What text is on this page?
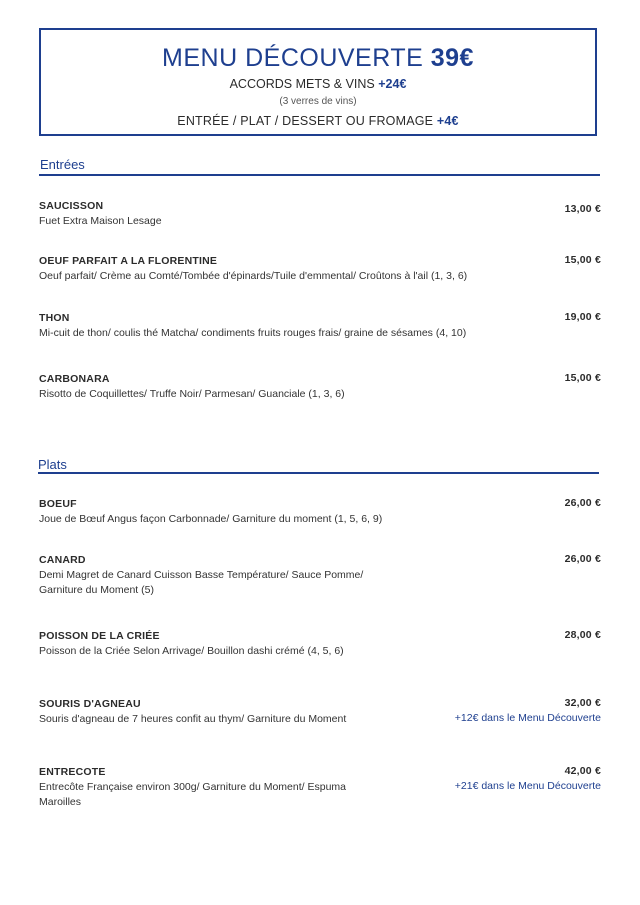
MENU DÉCOUVERTE 39€
ACCORDS METS & VINS +24€
(3 verres de vins)
ENTRÉE / PLAT / DESSERT OU FROMAGE +4€
Entrées
SAUCISSON
Fuet Extra Maison Lesage
13,00 €
OEUF PARFAIT A LA FLORENTINE
Oeuf parfait/ Crème au Comté/Tombée d'épinards/Tuile d'emmental/ Croûtons à l'ail (1, 3, 6)
15,00 €
THON
Mi-cuit de thon/ coulis thé Matcha/ condiments fruits rouges frais/ graine de sésames (4, 10)
19,00 €
CARBONARA
Risotto de Coquillettes/ Truffe Noir/ Parmesan/ Guanciale (1, 3, 6)
15,00 €
Plats
BOEUF
Joue de Bœuf Angus façon Carbonnade/ Garniture du moment (1, 5, 6, 9)
26,00 €
CANARD
Demi Magret de Canard Cuisson Basse Température/ Sauce Pomme/
Garniture du Moment (5)
26,00 €
POISSON DE LA CRIÉE
Poisson de la Criée Selon Arrivage/ Bouillon dashi crémé (4, 5, 6)
28,00 €
SOURIS D'AGNEAU
Souris d'agneau de 7 heures confit au thym/ Garniture du Moment
32,00 €
+12€ dans le Menu Découverte
ENTRECOTE
Entrecôte Française environ 300g/ Garniture du Moment/ Espuma
Maroilles
42,00 €
+21€ dans le Menu Découverte
